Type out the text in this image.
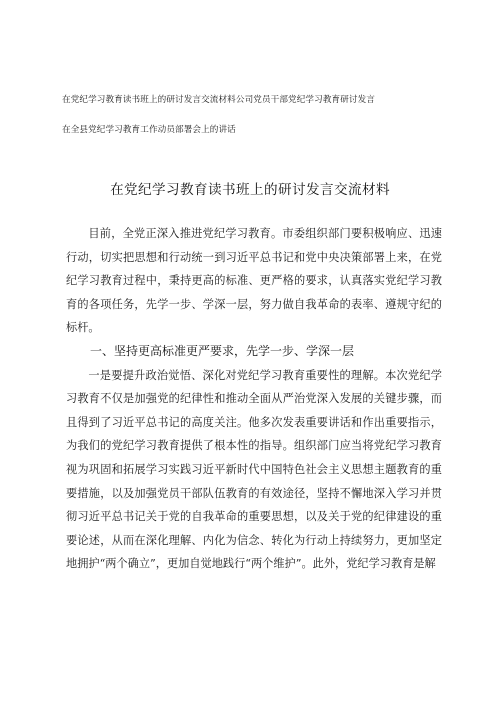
在党纪学习教育读书班上的研讨发言交流材料公司党员干部党纪学习教育研讨发言
在全县党纪学习教育工作动员部署会上的讲话
在党纪学习教育读书班上的研讨发言交流材料

目前，全党正深入推进党纪学习教育。市委组织部门要积极响应、迅速行动，切实把思想和行动统一到习近平总书记和党中央决策部署上来，在党纪学习教育过程中，秉持更高的标准、更严格的要求，认真落实党纪学习教育的各项任务，先学一步、学深一层，努力做自我革命的表率、遵规守纪的标杆。

一、坚持更高标准更严要求，先学一步、学深一层

一是要提升政治觉悟、深化对党纪学习教育重要性的理解。本次党纪学习教育不仅是加强党的纪律性和推动全面从严治党深入发展的关键步骤，而且得到了习近平总书记的高度关注。他多次发表重要讲话和作出重要指示，为我们的党纪学习教育提供了根本性的指导。组织部门应当将党纪学习教育视为巩固和拓展学习实践习近平新时代中国特色社会主义思想主题教育的重要措施，以及加强党员干部队伍教育的有效途径，坚持不懈地深入学习并贯彻习近平总书记关于党的自我革命的重要思想，以及关于党的纪律建设的重要论述，从而在深化理解、内化为信念、转化为行动上持续努力，更加坚定地拥护“两个确立”，更加自觉地践行“两个维护”。此外，党纪学习教育是解
